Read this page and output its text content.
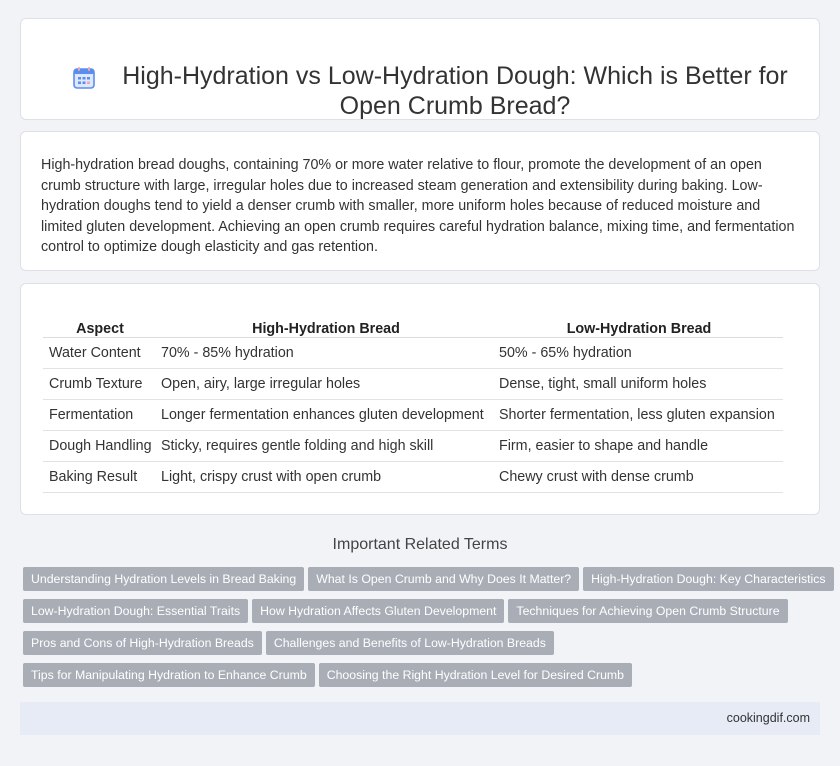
High-Hydration vs Low-Hydration Dough: Which is Better for Open Crumb Bread?

High-hydration bread doughs, containing 70% or more water relative to flour, promote the development of an open crumb structure with large, irregular holes due to increased steam generation and extensibility during baking. Low-hydration doughs tend to yield a denser crumb with smaller, more uniform holes because of reduced moisture and limited gluten development. Achieving an open crumb requires careful hydration balance, mixing time, and fermentation control to optimize dough elasticity and gas retention.

Aspect	High-Hydration Bread	Low-Hydration Bread
Water Content	70% - 85% hydration	50% - 65% hydration
Crumb Texture	Open, airy, large irregular holes	Dense, tight, small uniform holes
Fermentation	Longer fermentation enhances gluten development	Shorter fermentation, less gluten expansion
Dough Handling	Sticky, requires gentle folding and high skill	Firm, easier to shape and handle
Baking Result	Light, crispy crust with open crumb	Chewy crust with dense crumb
Important Related Terms
Understanding Hydration Levels in Bread Baking What Is Open Crumb and Why Does It Matter? High-Hydration Dough: Key Characteristics
Low-Hydration Dough: Essential Traits How Hydration Affects Gluten Development Techniques for Achieving Open Crumb Structure
Pros and Cons of High-Hydration Breads Challenges and Benefits of Low-Hydration Breads
Tips for Manipulating Hydration to Enhance Crumb Choosing the Right Hydration Level for Desired Crumb
cookingdif.com
